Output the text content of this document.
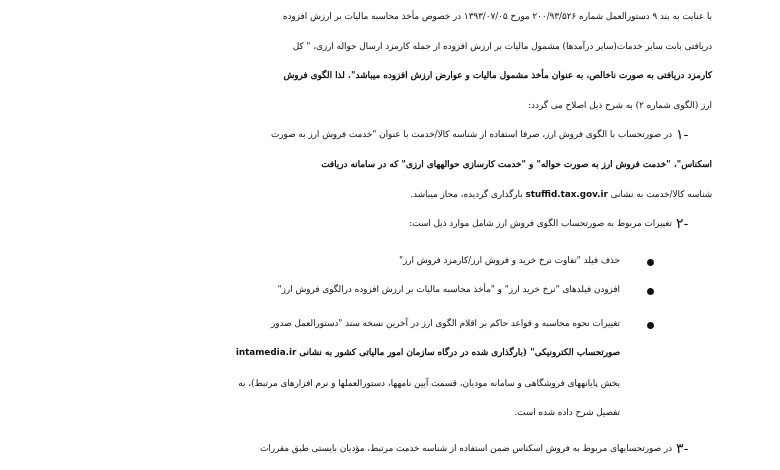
با عنایت به بند ۹ دستورالعمل شماره ۲۰۰/۹۳/۵۲۶ مورخ ۱۳۹۳/۰۷/۰۵ در خصوص مأخذ محاسبه مالیات بر ارزش افزوده
دریافتی بابت سایر خدمات(سایر درآمدها) مشمول مالیات بر ارزش افزوده از جمله کارمزد ارسال حواله ارزی، " کل
کارمزد دریافتی به صورت ناخالص، به عنوان مأخذ مشمول مالیات و عوارض ارزش افزوده میباشد". لذا الگوی فروش
ارز (الگوی شماره ۲) به شرح ذیل اصلاح می گردد:
-۱
در صورتحساب با الگوی فروش ارز، صرفا استفاده از شناسه کالا/خدمت با عنوان "خدمت فروش ارز به صورت
اسکناس"، "خدمت فروش ارز به صورت حواله" و "خدمت کارسازی حوالههای ارزی" که در سامانه دریافت
شناسه کالا/خدمت به نشانی stuffid.tax.gov.ir بارگذاری گردیده، مجاز میباشد.
-۲
تغییرات مربوط به صورتحساب الگوی فروش ارز شامل موارد ذیل است:
حذف فیلد "تفاوت نرخ خرید و فروش ارز/کارمزد فروش ارز"
افزودن فیلدهای "نرخ خرید ارز" و "مأخذ محاسبه مالیات بر ارزش افزوده درالگوی فروش ارز"
تغییرات نحوه محاسبه و قواعد حاکم بر اقلام الگوی ارز در آخرین نسخه سند "دستورالعمل صدور
صورتحساب الکترونیکی" (بارگذاری شده در درگاه سازمان امور مالیاتی کشور به نشانی intamedia.ir
بخش پایانههای فروشگاهی و سامانه مودیان، قسمت آیین نامهها، دستورالعملها و نرم افزارهای مرتبط)، به
تفصیل شرح داده شده است.
-۳
در صورتحسابهای مربوط به فروش اسکناس ضمن استفاده از شناسه خدمت مرتبط، مؤدیان بایستی طبق مقررات
